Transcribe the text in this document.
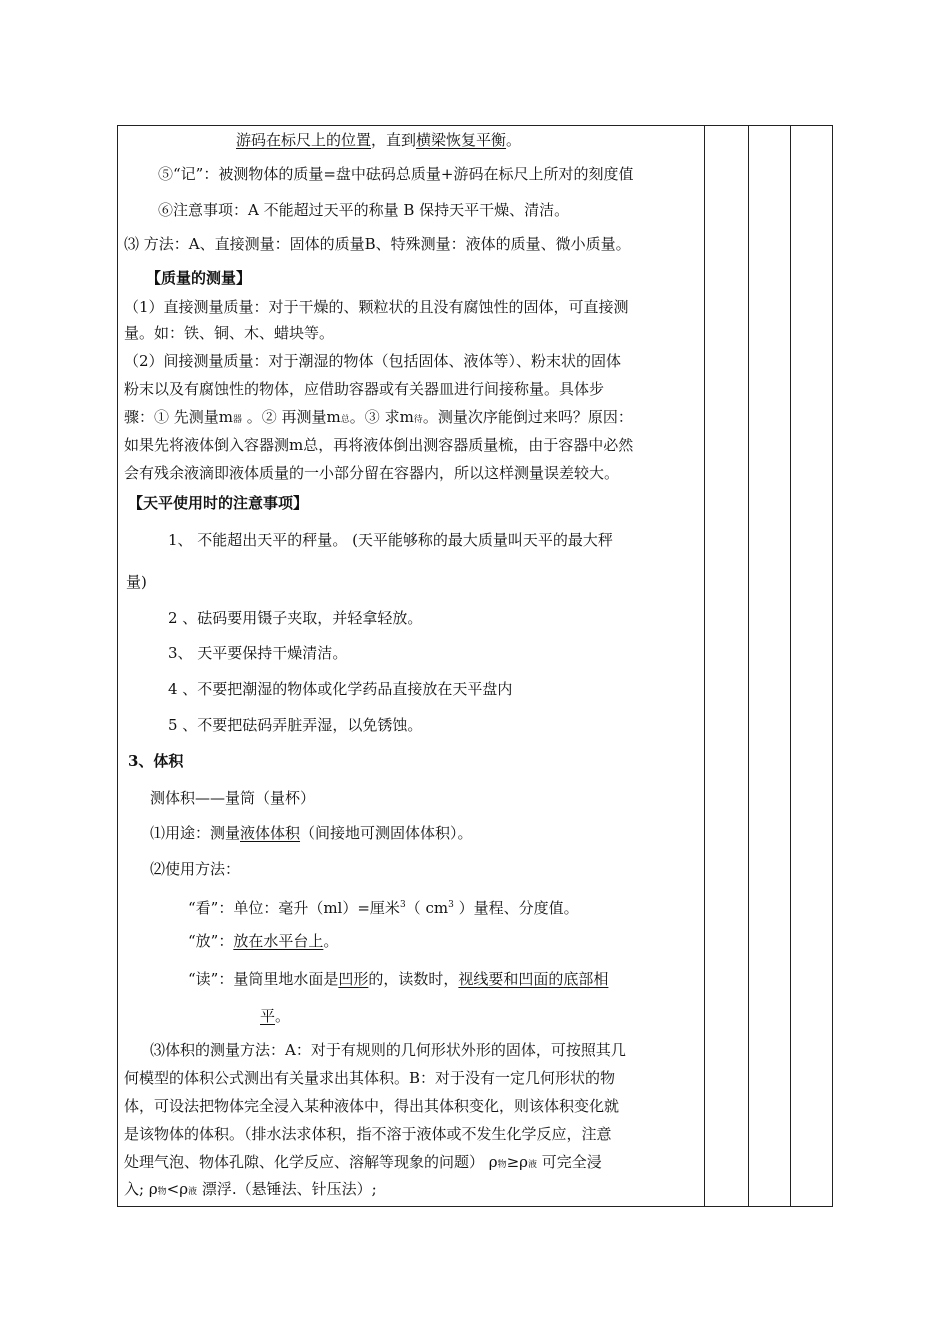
游码在标尺上的位置，直到横梁恢复平衡。
⑤“记”：被测物体的质量=盘中砝码总质量+游码在标尺上所对的刻度值
⑥注意事项：A 不能超过天平的称量 B 保持天平干燥、清洁。
⑶ 方法：A、直接测量：固体的质量B、特殊测量：液体的质量、微小质量。
【质量的测量】
（1）直接测量质量：对于干燥的、颗粒状的且没有腐蚀性的固体，可直接测
量。如：铁、铜、木、蜡块等。
（2）间接测量质量：对于潮湿的物体（包括固体、液体等）、粉末状的固体
粉末以及有腐蚀性的物体，应借助容器或有关器皿进行间接称量。具体步
骤：① 先测量m器 。② 再测量m总。③ 求m待。测量次序能倒过来吗？原因：
如果先将液体倒入容器测m总，再将液体倒出测容器质量梳，由于容器中必然
会有残余液滴即液体质量的一小部分留在容器内，所以这样测量误差较大。
【天平使用时的注意事项】
1、 不能超出天平的秤量。 (天平能够称的最大质量叫天平的最大秤
量)
2 、砝码要用镊子夹取，并轻拿轻放。
3、 天平要保持干燥清洁。
4 、不要把潮湿的物体或化学药品直接放在天平盘内
5 、不要把砝码弄脏弄湿，以免锈蚀。
3、体积
测体积——量筒（量杯）
⑴用途：测量液体体积（间接地可测固体体积）。
⑵使用方法：
“看”：单位：毫升（ml）=厘米$^3$（ $cm^3$ ）量程、分度值。
“放”：放在水平台上。
“读”：量筒里地水面是凹形的，读数时，视线要和凹面的底部相
平。
⑶体积的测量方法：A：对于有规则的几何形状外形的固体，可按照其几
何模型的体积公式测出有关量求出其体积。B：对于没有一定几何形状的物
体，可设法把物体完全浸入某种液体中，得出其体积变化，则该体积变化就
是该物体的体积。（排水法求体积，指不溶于液体或不发生化学反应，注意
处理气泡、物体孔隙、化学反应、溶解等现象的问题） ρ物≥ρ液 可完全浸
入; ρ物<ρ液 漂浮.（悬锤法、针压法）;
